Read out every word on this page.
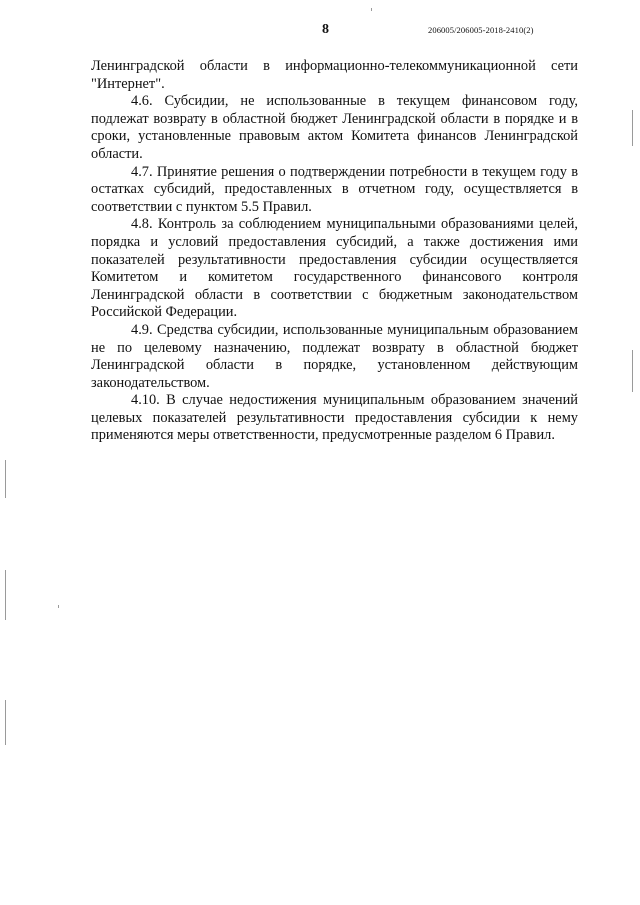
8	206005/206005-2018-2410(2)

Ленинградской области в информационно-телекоммуникационной сети "Интернет".

4.6. Субсидии, не использованные в текущем финансовом году, подлежат возврату в областной бюджет Ленинградской области в порядке и в сроки, установленные правовым актом Комитета финансов Ленинградской области.

4.7. Принятие решения о подтверждении потребности в текущем году в остатках субсидий, предоставленных в отчетном году, осуществляется в соответствии с пунктом 5.5 Правил.

4.8. Контроль за соблюдением муниципальными образованиями целей, порядка и условий предоставления субсидий, а также достижения ими показателей результативности предоставления субсидии осуществляется Комитетом и комитетом государственного финансового контроля Ленинградской области в соответствии с бюджетным законодательством Российской Федерации.

4.9. Средства субсидии, использованные муниципальным образованием не по целевому назначению, подлежат возврату в областной бюджет Ленинградской области в порядке, установленном действующим законодательством.

4.10. В случае недостижения муниципальным образованием значений целевых показателей результативности предоставления субсидии к нему применяются меры ответственности, предусмотренные разделом 6 Правил.
